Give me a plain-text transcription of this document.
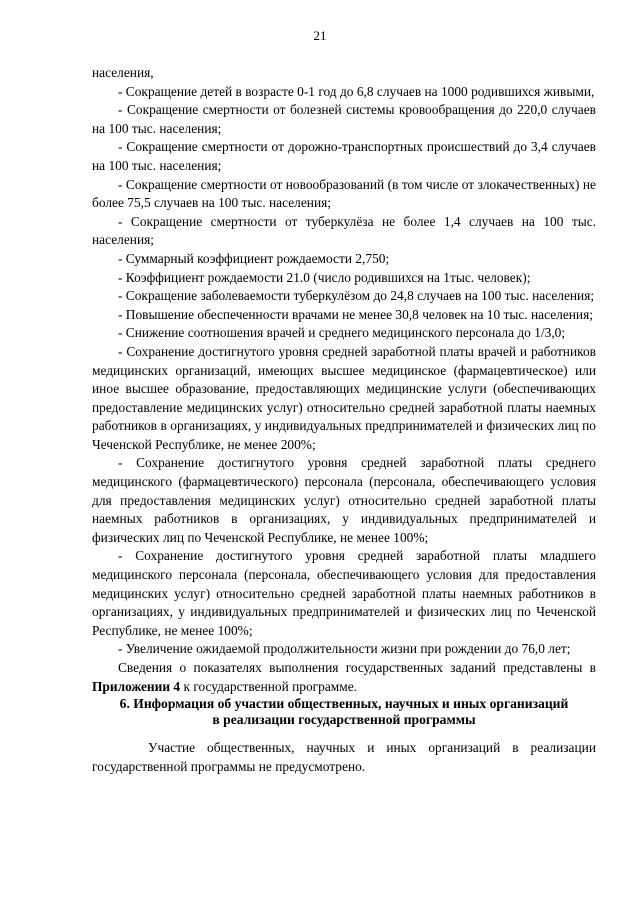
21

населения,

- Сокращение детей в возрасте 0-1 год до 6,8 случаев на 1000 родившихся живыми,

- Сокращение смертности от болезней системы кровообращения до 220,0 случаев на 100 тыс. населения;

- Сокращение смертности от дорожно-транспортных происшествий до 3,4 случаев на 100 тыс. населения;

- Сокращение смертности от новообразований (в том числе от злокачественных) не более 75,5 случаев на 100 тыс. населения;

- Сокращение смертности от туберкулёза не более 1,4 случаев на 100 тыс. населения;

- Суммарный коэффициент рождаемости 2,750;

- Коэффициент рождаемости 21.0 (число родившихся на 1тыс. человек);

- Сокращение заболеваемости туберкулёзом до 24,8 случаев на 100 тыс. населения;

- Повышение обеспеченности врачами не менее 30,8 человек на 10 тыс. населения;

- Снижение соотношения врачей и среднего медицинского персонала до 1/3,0;

- Сохранение достигнутого уровня средней заработной платы врачей и работников медицинских организаций, имеющих высшее медицинское (фармацевтическое) или иное высшее образование, предоставляющих медицинские услуги (обеспечивающих предоставление медицинских услуг) относительно средней заработной платы наемных работников в организациях, у индивидуальных предпринимателей и физических лиц по Чеченской Республике, не менее 200%;

- Сохранение достигнутого уровня средней заработной платы среднего медицинского (фармацевтического) персонала (персонала, обеспечивающего условия для предоставления медицинских услуг) относительно средней заработной платы наемных работников в организациях, у индивидуальных предпринимателей и физических лиц по Чеченской Республике, не менее 100%;

- Сохранение достигнутого уровня средней заработной платы младшего медицинского персонала (персонала, обеспечивающего условия для предоставления медицинских услуг) относительно средней заработной платы наемных работников в организациях, у индивидуальных предпринимателей и физических лиц по Чеченской Республике, не менее 100%;

- Увеличение ожидаемой продолжительности жизни при рождении до 76,0 лет;

Сведения о показателях выполнения государственных заданий представлены в Приложении 4 к государственной программе.

6. Информация об участии общественных, научных и иных организаций
в реализации государственной программы

Участие общественных, научных и иных организаций в реализации государственной программы не предусмотрено.
